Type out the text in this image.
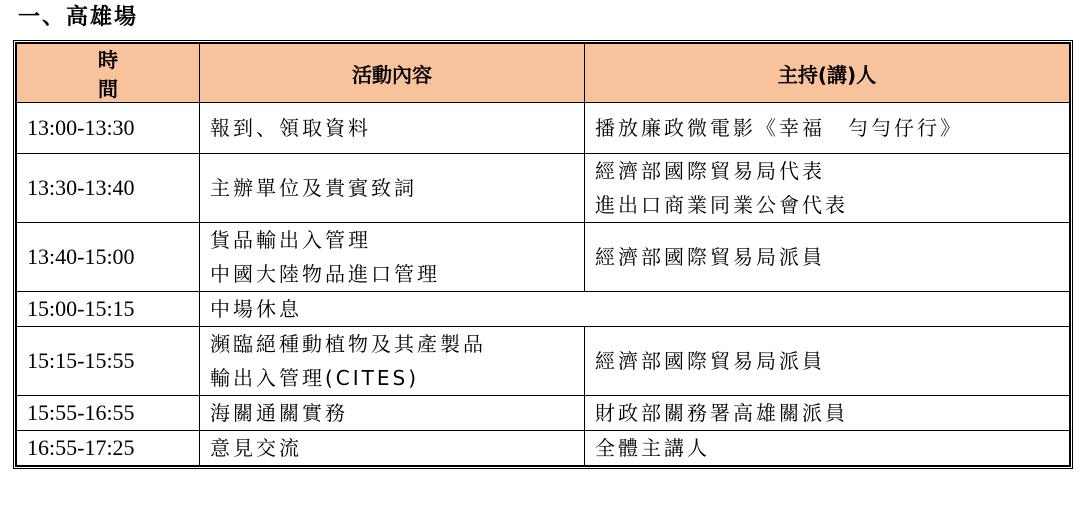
一、高雄場
時　間	活動內容	主持(講)人
13:00-13:30	報到、領取資料	播放廉政微電影《幸福　勻勻仔行》

13:30-13:40	主辦單位及貴賓致詞	經濟部國際貿易局代表
進出口商業同業公會代表

13:40-15:00	貨品輸出入管理
中國大陸物品進口管理	經濟部國際貿易局派員

15:00-15:15	中場休息	

15:15-15:55	瀕臨絕種動植物及其產製品
輸出入管理(CITES)	經濟部國際貿易局派員

15:55-16:55	海關通關實務	財政部關務署高雄關派員

16:55-17:25	意見交流	全體主講人
